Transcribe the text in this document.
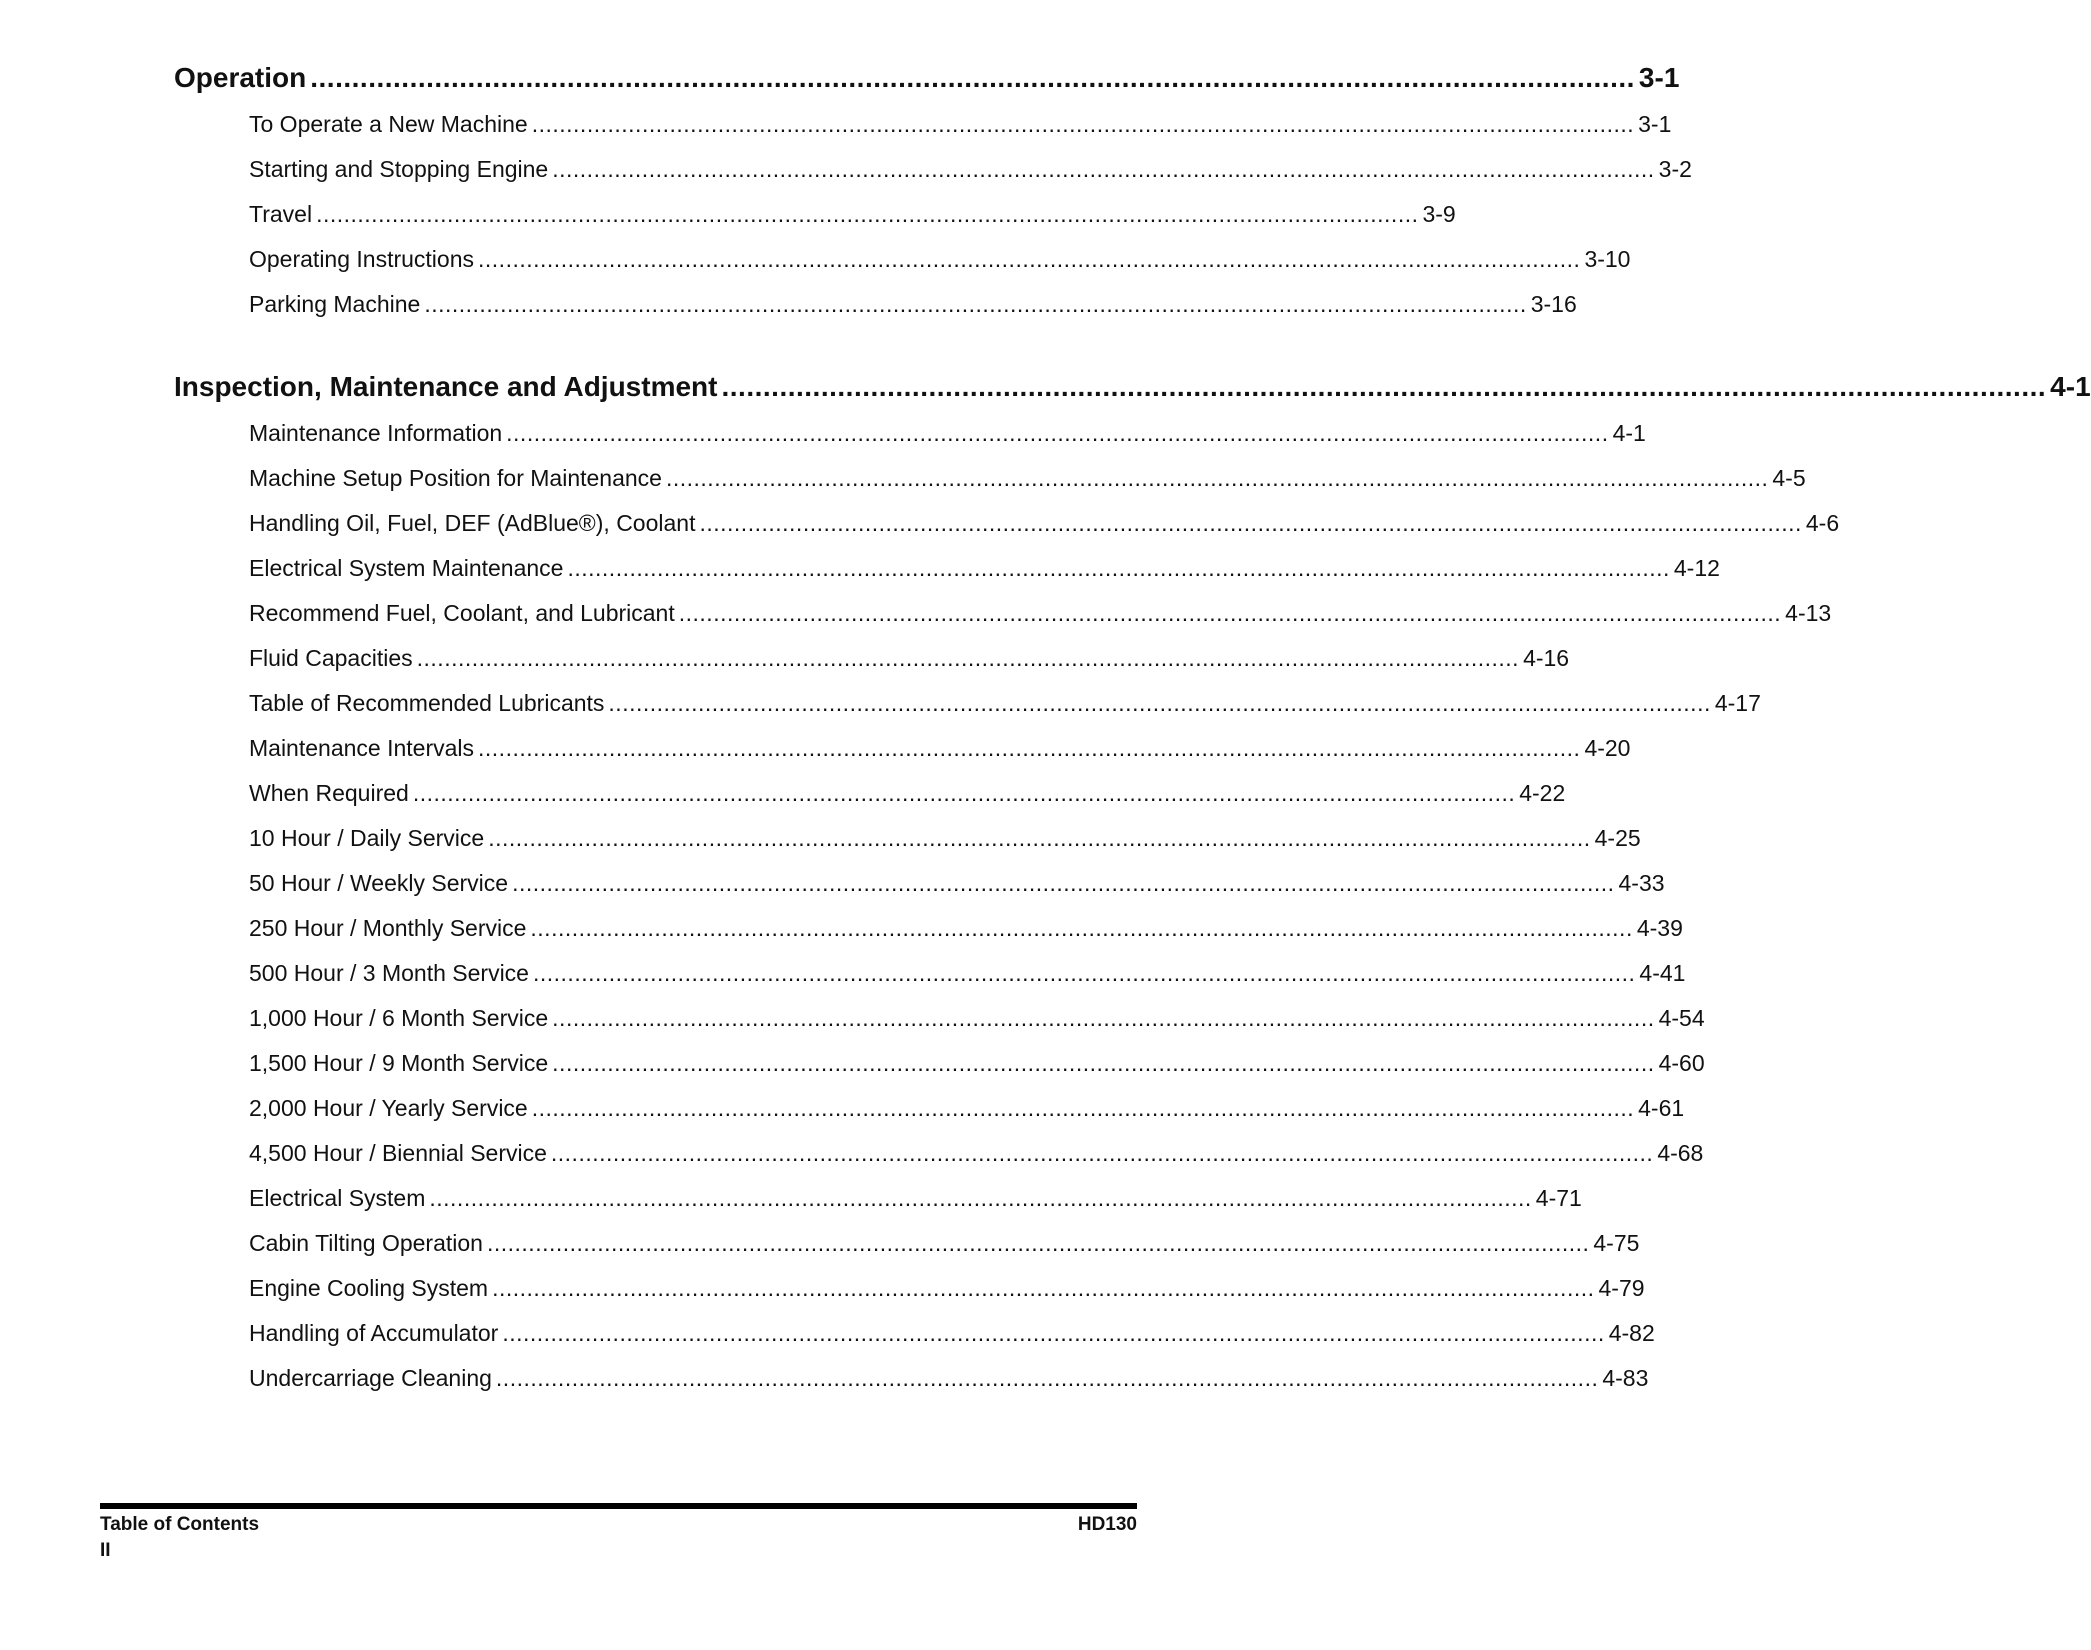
Operation ................................................................................................................................................................ 3-1
To Operate a New Machine ................................................................................................................................................................ 3-1
Starting and Stopping Engine ................................................................................................................................................................ 3-2
Travel ................................................................................................................................................................ 3-9
Operating Instructions ................................................................................................................................................................ 3-10
Parking Machine ................................................................................................................................................................ 3-16
Inspection, Maintenance and Adjustment ................................................................................................................................................................ 4-1
Maintenance Information ................................................................................................................................................................ 4-1
Machine Setup Position for Maintenance ................................................................................................................................................................ 4-5
Handling Oil, Fuel, DEF (AdBlue®), Coolant ................................................................................................................................................................ 4-6
Electrical System Maintenance ................................................................................................................................................................ 4-12
Recommend Fuel, Coolant, and Lubricant ................................................................................................................................................................ 4-13
Fluid Capacities ................................................................................................................................................................ 4-16
Table of Recommended Lubricants ................................................................................................................................................................ 4-17
Maintenance Intervals ................................................................................................................................................................ 4-20
When Required ................................................................................................................................................................ 4-22
10 Hour / Daily Service ................................................................................................................................................................ 4-25
50 Hour / Weekly Service ................................................................................................................................................................ 4-33
250 Hour / Monthly Service ................................................................................................................................................................ 4-39
500 Hour / 3 Month Service ................................................................................................................................................................ 4-41
1,000 Hour / 6 Month Service ................................................................................................................................................................ 4-54
1,500 Hour / 9 Month Service ................................................................................................................................................................ 4-60
2,000 Hour / Yearly Service ................................................................................................................................................................ 4-61
4,500 Hour / Biennial Service ................................................................................................................................................................ 4-68
Electrical System ................................................................................................................................................................ 4-71
Cabin Tilting Operation ................................................................................................................................................................ 4-75
Engine Cooling System ................................................................................................................................................................ 4-79
Handling of Accumulator ................................................................................................................................................................ 4-82
Undercarriage Cleaning ................................................................................................................................................................ 4-83
Table of Contents
II
HD130
